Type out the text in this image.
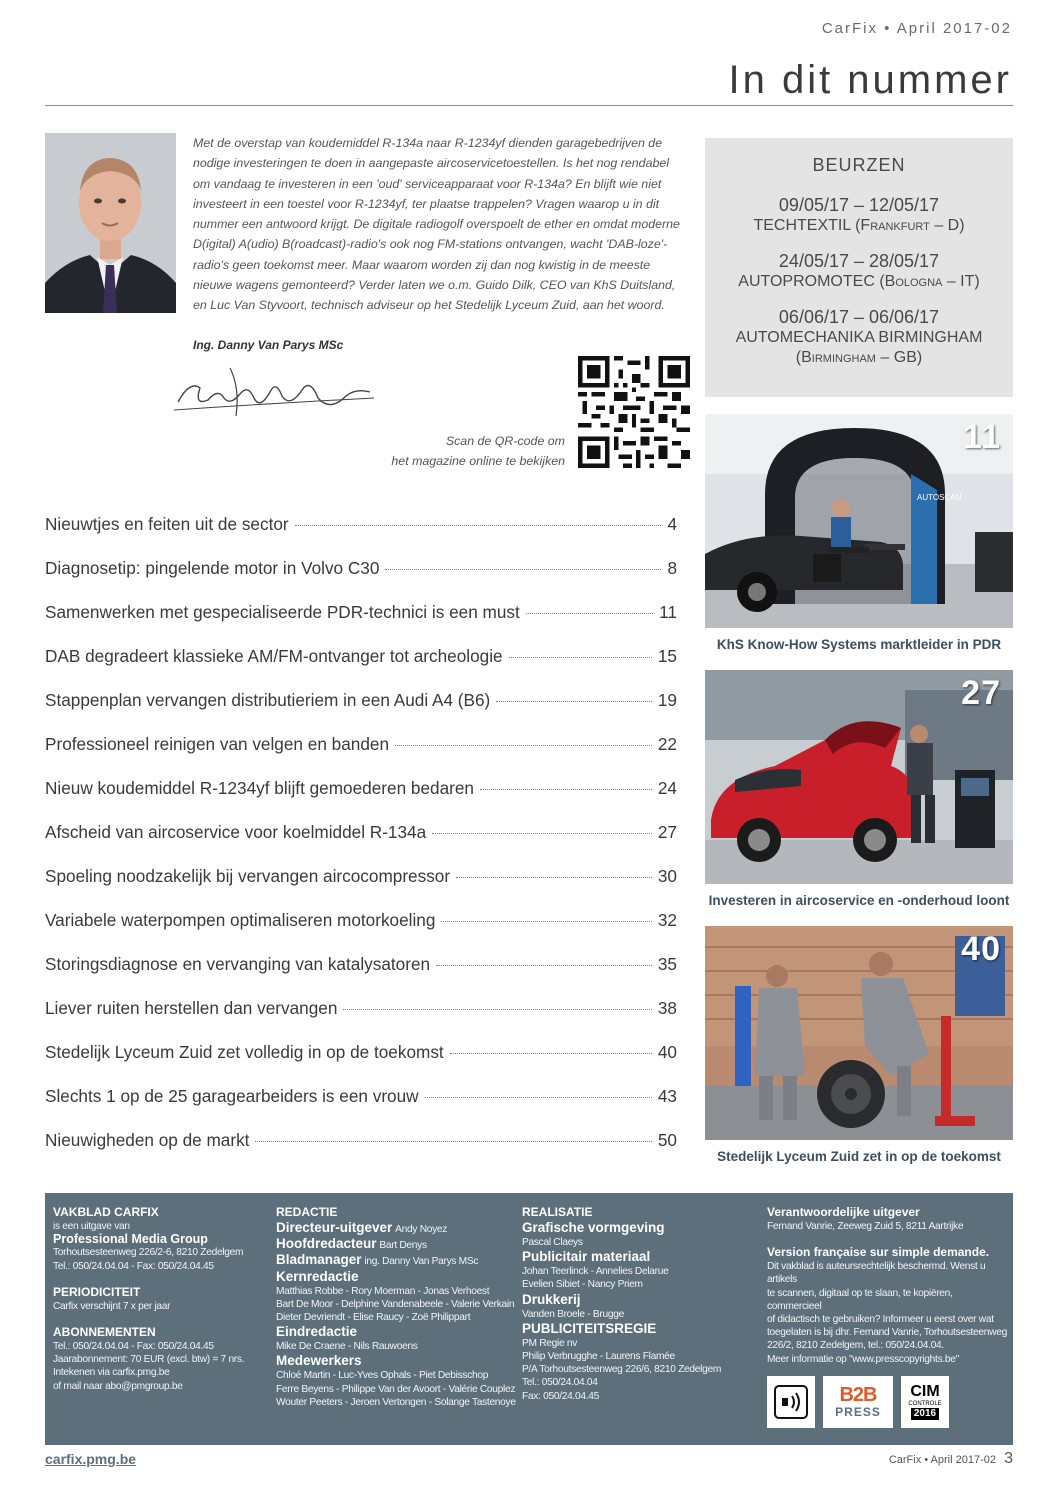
CarFix • April 2017-02
In dit nummer

Met de overstap van koudemiddel R-134a naar R-1234yf dienden garagebedrijven de nodige investeringen te doen in aangepaste aircoservicetoestellen. Is het nog rendabel om vandaag te investeren in een 'oud' serviceapparaat voor R-134a? En blijft wie niet investeert in een toestel voor R-1234yf, ter plaatse trappelen? Vragen waarop u in dit nummer een antwoord krijgt. De digitale radiogolf overspoelt de ether en omdat moderne D(igital) A(udio) B(roadcast)-radio's ook nog FM-stations ontvangen, wacht 'DAB-loze'-radio's geen toekomst meer. Maar waarom worden zij dan nog kwistig in de meeste nieuwe wagens gemonteerd? Verder laten we o.m. Guido Dilk, CEO van KhS Duitsland, en Luc Van Styvoort, technisch adviseur op het Stedelijk Lyceum Zuid, aan het woord.

Ing. Danny Van Parys MSc
Scan de QR-code om
het magazine online te bekijken
BEURZEN
09/05/17 – 12/05/17
TECHTEXTIL (Frankfurt – D)
24/05/17 – 28/05/17
AUTOPROMOTEC (Bologna – IT)
06/06/17 – 06/06/17
AUTOMECHANIKA BIRMINGHAM
(Birmingham – GB)
Nieuwtjes en feiten uit de sector	4
Diagnosetip: pingelende motor in Volvo C30	8
Samenwerken met gespecialiseerde PDR-technici is een must	11
DAB degradeert klassieke AM/FM-ontvanger tot archeologie	15
Stappenplan vervangen distributieriem in een Audi A4 (B6)	19
Professioneel reinigen van velgen en banden	22
Nieuw koudemiddel R-1234yf blijft gemoederen bedaren	24
Afscheid van aircoservice voor koelmiddel R-134a	27
Spoeling noodzakelijk bij vervangen aircocompressor	30
Variabele waterpompen optimaliseren motorkoeling	32
Storingsdiagnose en vervanging van katalysatoren	35
Liever ruiten herstellen dan vervangen	38
Stedelijk Lyceum Zuid zet volledig in op de toekomst	40
Slechts 1 op de 25 garagearbeiders is een vrouw	43
Nieuwigheden op de markt	50
AUTOSCAN
11
KhS Know-How Systems marktleider in PDR
27
Investeren in aircoservice en -onderhoud loont
40
Stedelijk Lyceum Zuid zet in op de toekomst
VAKBLAD CARFIX
is een uitgave van
Professional Media Group
Torhoutsesteenweg 226/2-6, 8210 Zedelgem
Tel.: 050/24.04.04 - Fax: 050/24.04.45
PERIODICITEIT
Carfix verschijnt 7 x per jaar
ABONNEMENTEN
Tel.: 050/24.04.04 - Fax: 050/24.04.45
Jaarabonnement: 70 EUR (excl. btw) = 7 nrs.
Intekenen via carfix.pmg.be
of mail naar abo@pmgroup.be
REDACTIE
Directeur-uitgever Andy Noyez
Hoofdredacteur Bart Denys
Bladmanager ing. Danny Van Parys MSc
Kernredactie
Matthias Robbe - Rory Moerman - Jonas Verhoest
Bart De Moor - Delphine Vandenabeele - Valerie Verkain
Dieter Devriendt - Elise Raucy - Zoë Philippart
Eindredactie
Mike De Craene - Nils Rauwoens
Medewerkers
Chloé Martin - Luc-Yves Ophals - Piet Debisschop
Ferre Beyens - Philippe Van der Avoort - Valérie Couplez
Wouter Peeters - Jeroen Vertongen - Solange Tastenoye
REALISATIE
Grafische vormgeving
Pascal Claeys
Publicitair materiaal
Johan Teerlinck - Annelies Delarue
Evelien Sibiet - Nancy Priem
Drukkerij
Vanden Broele - Brugge
PUBLICITEITSREGIE
PM Regie nv
Philip Verbrugghe - Laurens Flamée
P/A Torhoutsesteenweg 226/6, 8210 Zedelgem
Tel.: 050/24.04.04
Fax: 050/24.04.45
Verantwoordelijke uitgever
Fernand Vanrie, Zeeweg Zuid 5, 8211 Aartrijke
Version française sur simple demande.
Dit vakblad is auteursrechtelijk beschermd. Wenst u artikels
te scannen, digitaal op te slaan, te kopiëren, commercieel
of didactisch te gebruiken? Informeer u eerst over wat
toegelaten is bij dhr. Fernand Vanrie, Torhoutsesteenweg
226/2, 8210 Zedelgem, tel.: 050/24.04.04.
Meer informatie op "www.presscopyrights.be"
B2B
PRESS
CIM
CONTROLE
2016
carfix.pmg.be	CarFix • April 2017-02 3
